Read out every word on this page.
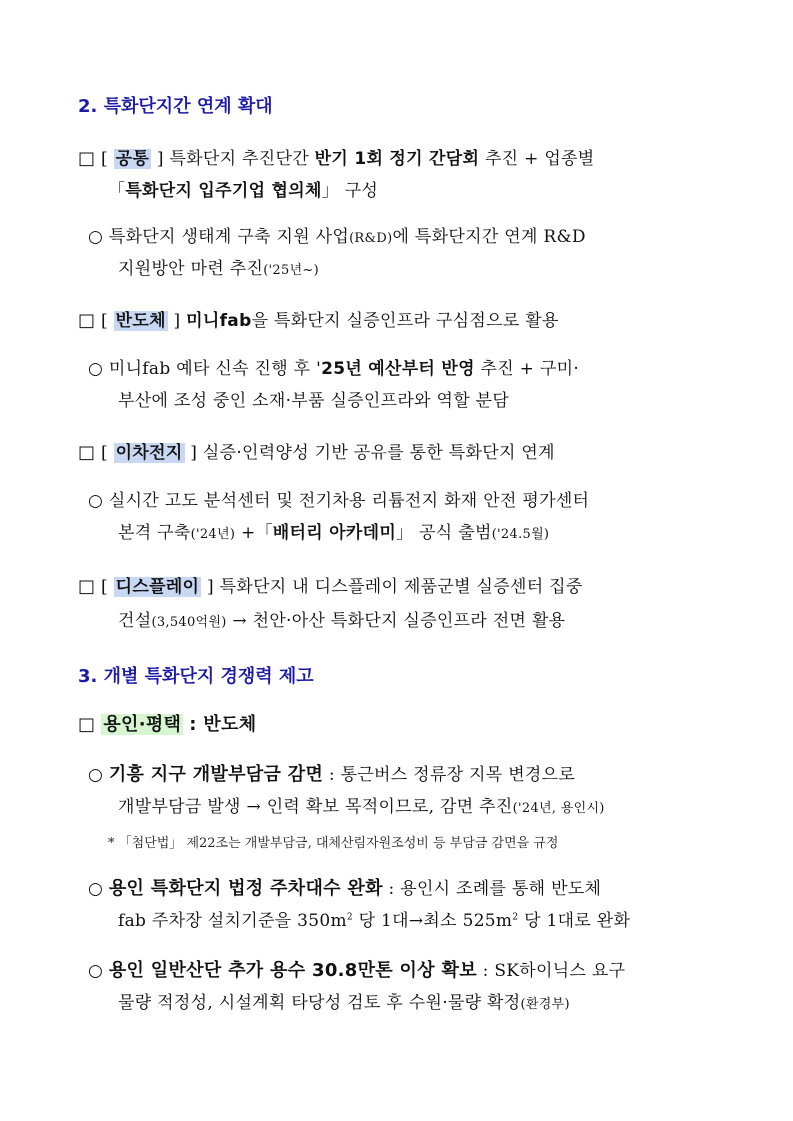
2. 특화단지간 연계 확대
□ [ 공통 ] 특화단지 추진단간 반기 1회 정기 간담회 추진 + 업종별
「특화단지 입주기업 협의체」 구성
○ 특화단지 생태계 구축 지원 사업(R&D)에 특화단지간 연계 R&D
지원방안 마련 추진('25년~)
□ [ 반도체 ] 미니fab을 특화단지 실증인프라 구심점으로 활용
○ 미니fab 예타 신속 진행 후 '25년 예산부터 반영 추진 + 구미·
부산에 조성 중인 소재·부품 실증인프라와 역할 분담
□ [ 이차전지 ] 실증·인력양성 기반 공유를 통한 특화단지 연계
○ 실시간 고도 분석센터 및 전기차용 리튬전지 화재 안전 평가센터
본격 구축('24년) +「배터리 아카데미」 공식 출범('24.5월)
□ [ 디스플레이 ] 특화단지 내 디스플레이 제품군별 실증센터 집중
건설(3,540억원) → 천안·아산 특화단지 실증인프라 전면 활용
3. 개별 특화단지 경쟁력 제고
□ 용인·평택 : 반도체
○ 기흥 지구 개발부담금 감면 : 통근버스 정류장 지목 변경으로
개발부담금 발생 → 인력 확보 목적이므로, 감면 추진('24년, 용인시)
* 「첨단법」 제22조는 개발부담금, 대체산림자원조성비 등 부담금 감면을 규정
○ 용인 특화단지 법정 주차대수 완화 : 용인시 조례를 통해 반도체
fab 주차장 설치기준을 $350m^2$ 당 1대→최소 $525m^2$ 당 1대로 완화
○ 용인 일반산단 추가 용수 30.8만톤 이상 확보 : SK하이닉스 요구
물량 적정성, 시설계획 타당성 검토 후 수원·물량 확정(환경부)
